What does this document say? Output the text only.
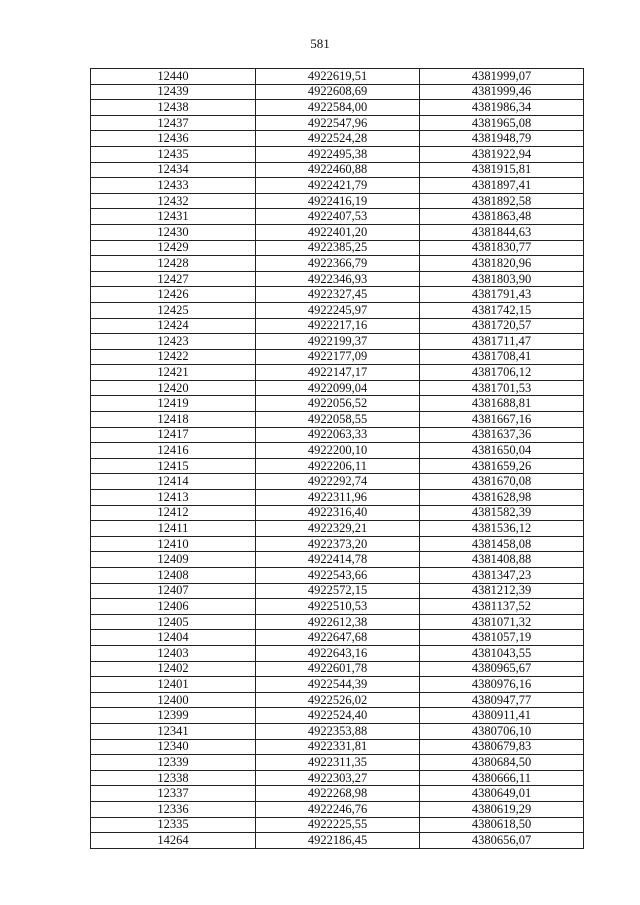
581
12440	4922619,51	4381999,07
12439	4922608,69	4381999,46
12438	4922584,00	4381986,34
12437	4922547,96	4381965,08
12436	4922524,28	4381948,79
12435	4922495,38	4381922,94
12434	4922460,88	4381915,81
12433	4922421,79	4381897,41
12432	4922416,19	4381892,58
12431	4922407,53	4381863,48
12430	4922401,20	4381844,63
12429	4922385,25	4381830,77
12428	4922366,79	4381820,96
12427	4922346,93	4381803,90
12426	4922327,45	4381791,43
12425	4922245,97	4381742,15
12424	4922217,16	4381720,57
12423	4922199,37	4381711,47
12422	4922177,09	4381708,41
12421	4922147,17	4381706,12
12420	4922099,04	4381701,53
12419	4922056,52	4381688,81
12418	4922058,55	4381667,16
12417	4922063,33	4381637,36
12416	4922200,10	4381650,04
12415	4922206,11	4381659,26
12414	4922292,74	4381670,08
12413	4922311,96	4381628,98
12412	4922316,40	4381582,39
12411	4922329,21	4381536,12
12410	4922373,20	4381458,08
12409	4922414,78	4381408,88
12408	4922543,66	4381347,23
12407	4922572,15	4381212,39
12406	4922510,53	4381137,52
12405	4922612,38	4381071,32
12404	4922647,68	4381057,19
12403	4922643,16	4381043,55
12402	4922601,78	4380965,67
12401	4922544,39	4380976,16
12400	4922526,02	4380947,77
12399	4922524,40	4380911,41
12341	4922353,88	4380706,10
12340	4922331,81	4380679,83
12339	4922311,35	4380684,50
12338	4922303,27	4380666,11
12337	4922268,98	4380649,01
12336	4922246,76	4380619,29
12335	4922225,55	4380618,50
14264	4922186,45	4380656,07
